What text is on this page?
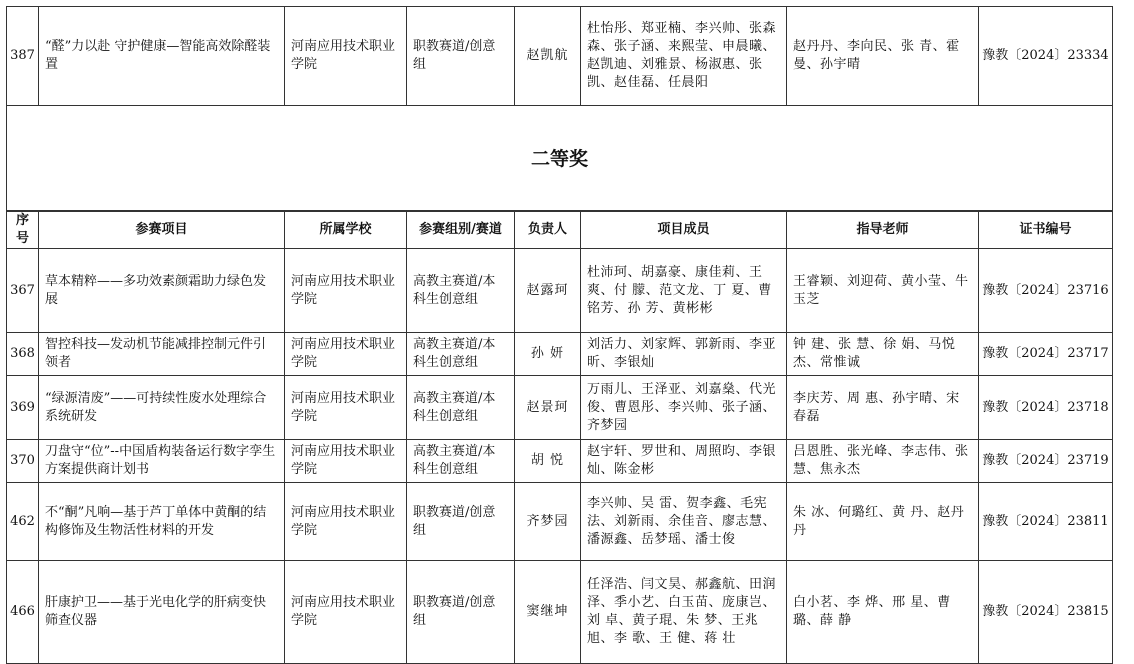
387	“醛”力以赴 守护健康—智能高效除醛装置	河南应用技术职业学院	职教赛道/创意组	赵凯航	杜怡彤、郑亚楠、李兴帅、张森森、张子涵、来熙莹、申晨曦、赵凯迪、刘雅景、杨淑惠、张 凯、赵佳磊、任晨阳	赵丹丹、李向民、张 青、霍 曼、孙宇晴	豫教〔2024〕23334
二等奖							
序号	参赛项目	所属学校	参赛组别/赛道	负责人	项目成员	指导老师	证书编号
367	草本精粹——多功效素颜霜助力绿色发展	河南应用技术职业学院	高教主赛道/本科生创意组	赵露珂	杜沛珂、胡嘉豪、康佳莉、王 爽、付 朦、范文龙、丁 夏、曹铭芳、孙 芳、黄彬彬	王睿颖、刘迎荷、黄小莹、牛玉芝	豫教〔2024〕23716
368	智控科技—发动机节能减排控制元件引领者	河南应用技术职业学院	高教主赛道/本科生创意组	孙 妍	刘活力、刘家辉、郭新雨、李亚昕、李银灿	钟 建、张 慧、徐 娟、马悦杰、常惟诚	豫教〔2024〕23717
369	“绿源清废”——可持续性废水处理综合系统研发	河南应用技术职业学院	高教主赛道/本科生创意组	赵景珂	万雨儿、王泽亚、刘嘉燊、代光俊、曹恩彤、李兴帅、张子涵、齐梦园	李庆芳、周 惠、孙宇晴、宋春磊	豫教〔2024〕23718
370	刀盘守“位”--中国盾构装备运行数字孪生方案提供商计划书	河南应用技术职业学院	高教主赛道/本科生创意组	胡 悦	赵宇轩、罗世和、周照昀、李银灿、陈金彬	吕恩胜、张光峰、李志伟、张 慧、焦永杰	豫教〔2024〕23719
462	不“酮”凡响—基于芦丁单体中黄酮的结构修饰及生物活性材料的开发	河南应用技术职业学院	职教赛道/创意组	齐梦园	李兴帅、吴 雷、贺李鑫、毛宪法、刘新雨、余佳音、廖志慧、潘源鑫、岳梦瑶、潘士俊	朱 冰、何璐红、黄 丹、赵丹丹	豫教〔2024〕23811
466	肝康护卫——基于光电化学的肝病变快筛查仪器	河南应用技术职业学院	职教赛道/创意组	窦继坤	任泽浩、闫文昊、郝鑫航、田润泽、季小艺、白玉苗、庞康岂、刘 卓、黄子琨、朱 梦、王兆旭、李 歌、王 健、蒋 壮	白小茗、李 烨、邢 星、曹 璐、薛 静	豫教〔2024〕23815
